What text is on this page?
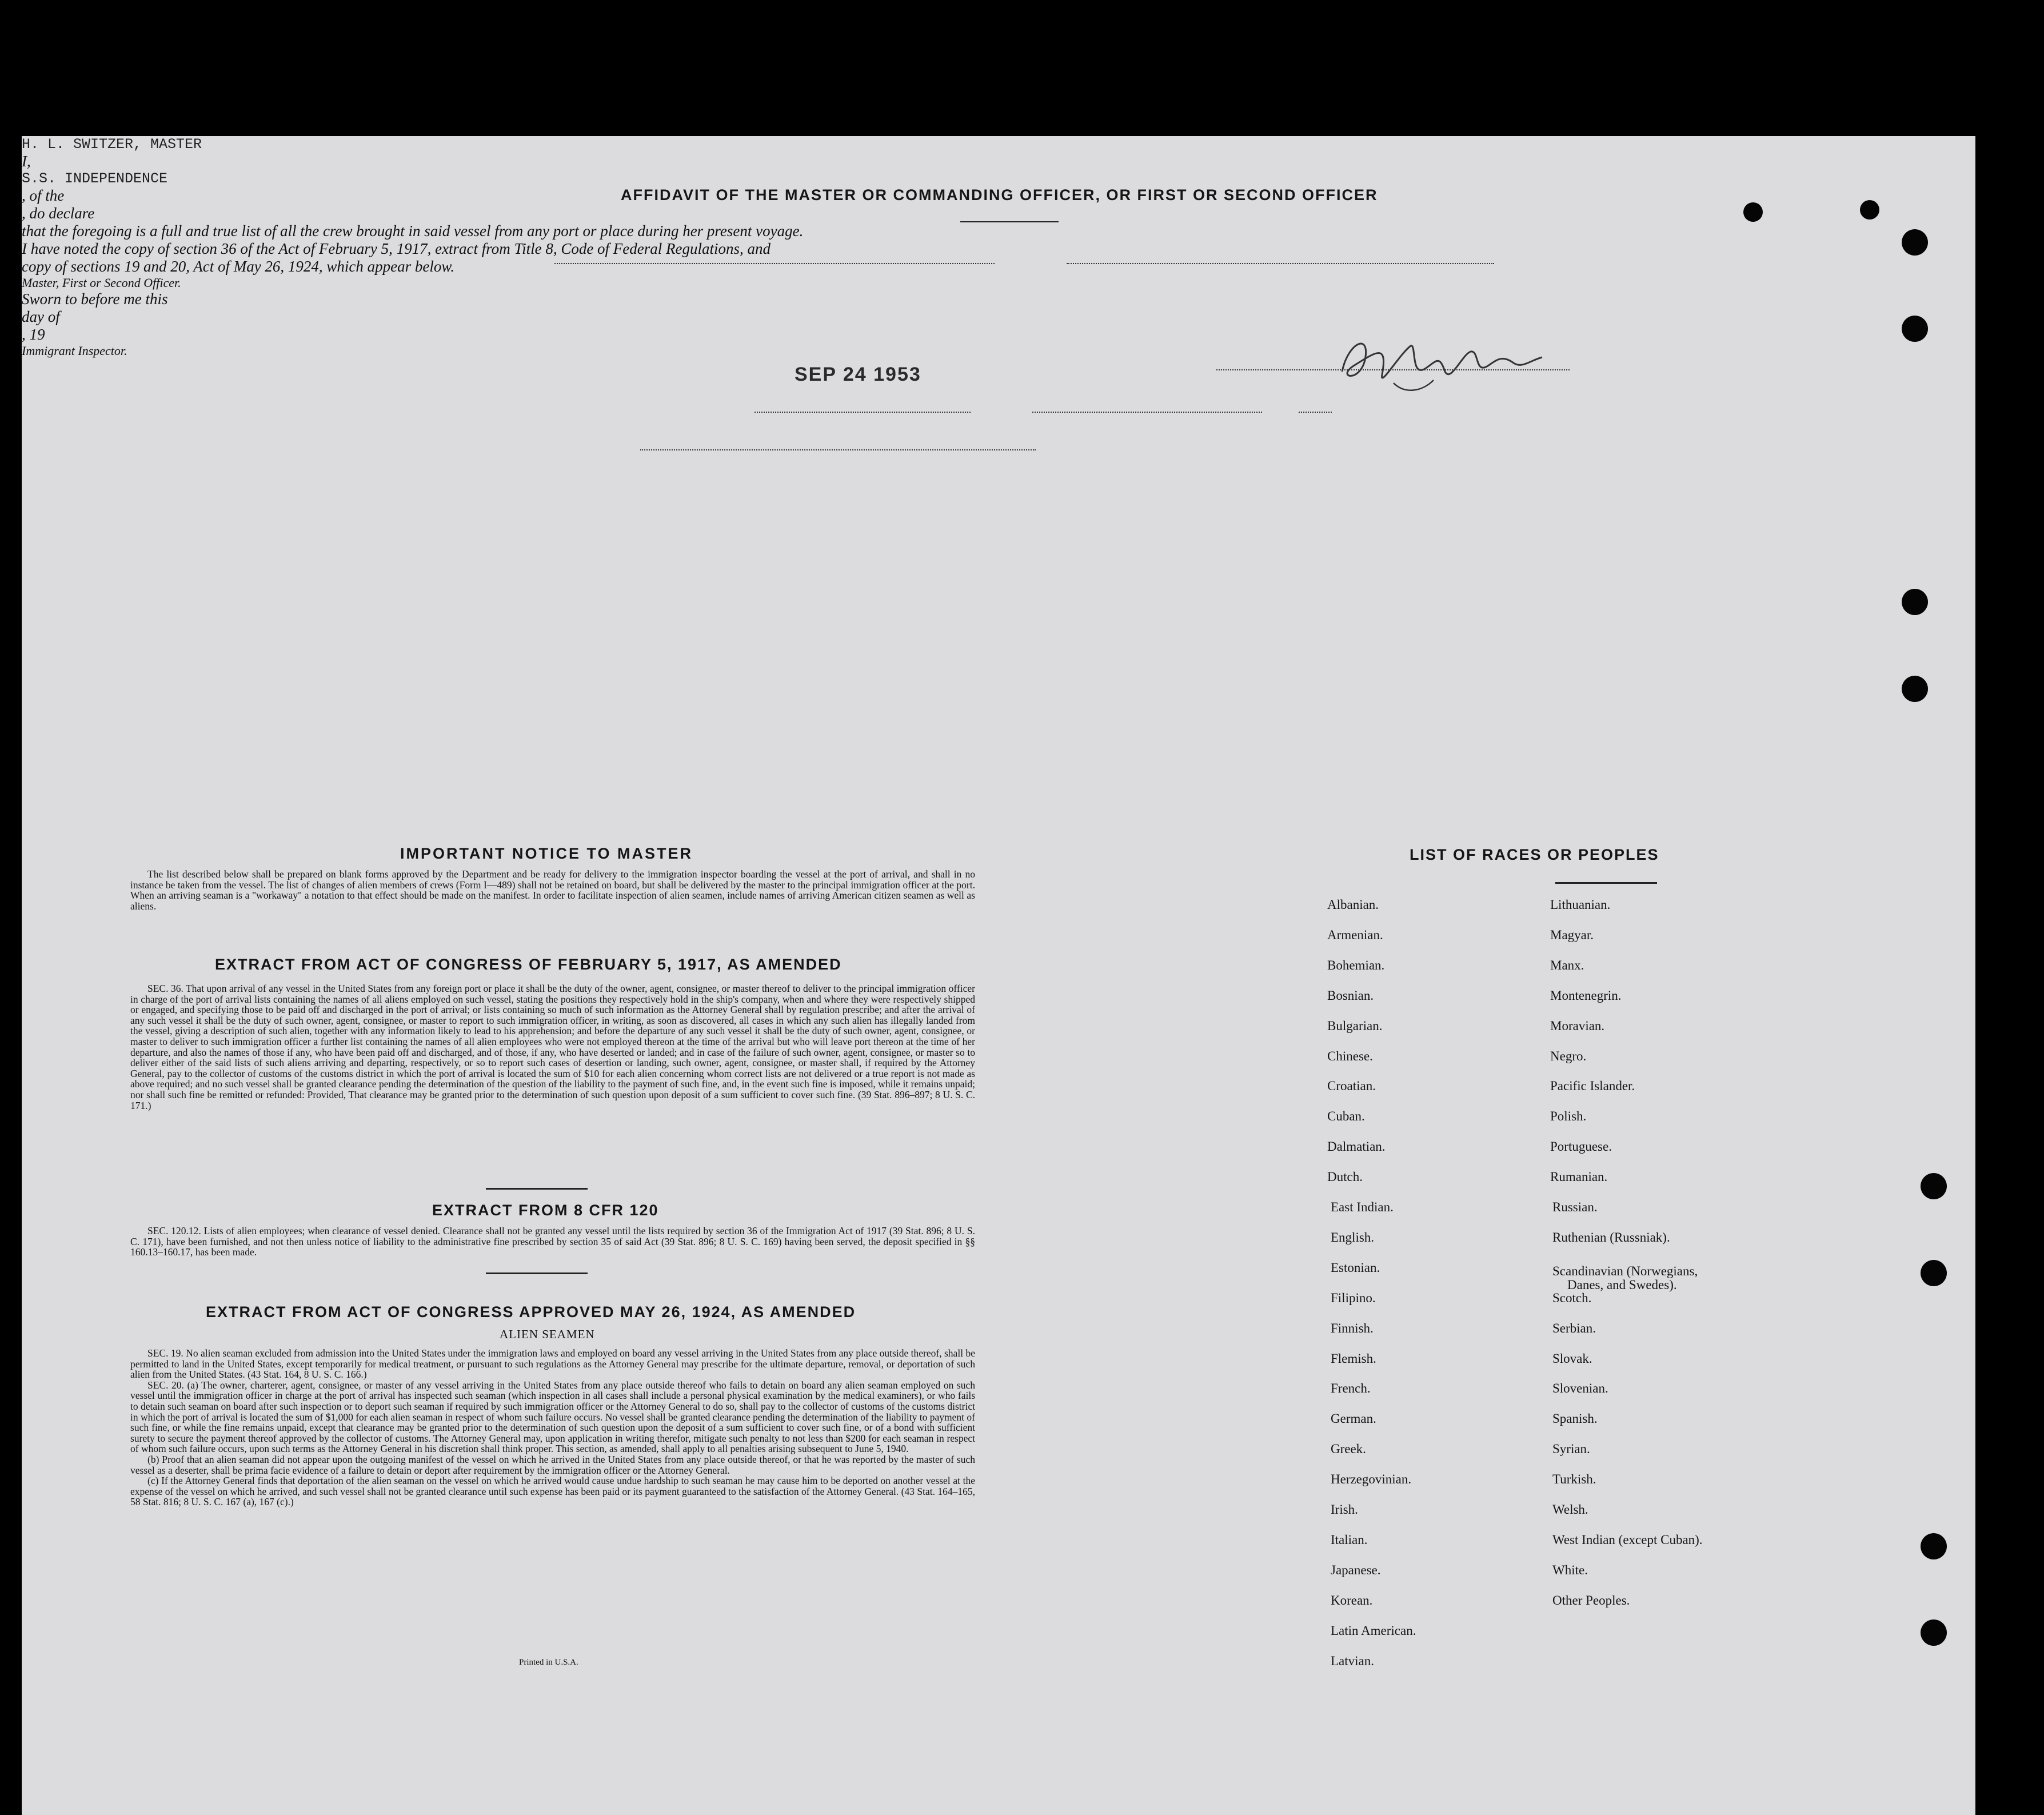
AFFIDAVIT OF THE MASTER OR COMMANDING OFFICER, OR FIRST OR SECOND OFFICER
H. L. SWITZER, MASTER
I,
S.S. INDEPENDENCE
, of the
, do declare
that the foregoing is a full and true list of all the crew brought in said vessel from any port or place during her present voyage.
I have noted the copy of section 36 of the Act of February 5, 1917, extract from Title 8, Code of Federal Regulations, and
copy of sections 19 and 20, Act of May 26, 1924, which appear below.
SEP 24 1953
Master, First or Second Officer.
Sworn to before me this
day of
, 19
Immigrant Inspector.
IMPORTANT NOTICE TO MASTER

The list described below shall be prepared on blank forms approved by the Department and be ready for delivery to the immigration inspector boarding the vessel at the port of arrival, and shall in no instance be taken from the vessel. The list of changes of alien members of crews (Form I—489) shall not be retained on board, but shall be delivered by the master to the principal immigration officer at the port. When an arriving seaman is a "workaway" a notation to that effect should be made on the manifest. In order to facilitate inspection of alien seamen, include names of arriving American citizen seamen as well as aliens.

EXTRACT FROM ACT OF CONGRESS OF FEBRUARY 5, 1917, AS AMENDED

SEC. 36. That upon arrival of any vessel in the United States from any foreign port or place it shall be the duty of the owner, agent, consignee, or master thereof to deliver to the principal immigration officer in charge of the port of arrival lists containing the names of all aliens employed on such vessel, stating the positions they respectively hold in the ship's company, when and where they were respectively shipped or engaged, and specifying those to be paid off and discharged in the port of arrival; or lists containing so much of such information as the Attorney General shall by regulation prescribe; and after the arrival of any such vessel it shall be the duty of such owner, agent, consignee, or master to report to such immigration officer, in writing, as soon as discovered, all cases in which any such alien has illegally landed from the vessel, giving a description of such alien, together with any information likely to lead to his apprehension; and before the departure of any such vessel it shall be the duty of such owner, agent, consignee, or master to deliver to such immigration officer a further list containing the names of all alien employees who were not employed thereon at the time of the arrival but who will leave port thereon at the time of her departure, and also the names of those if any, who have been paid off and discharged, and of those, if any, who have deserted or landed; and in case of the failure of such owner, agent, consignee, or master so to deliver either of the said lists of such aliens arriving and departing, respectively, or so to report such cases of desertion or landing, such owner, agent, consignee, or master shall, if required by the Attorney General, pay to the collector of customs of the customs district in which the port of arrival is located the sum of $10 for each alien concerning whom correct lists are not delivered or a true report is not made as above required; and no such vessel shall be granted clearance pending the determination of the question of the liability to the payment of such fine, and, in the event such fine is imposed, while it remains unpaid; nor shall such fine be remitted or refunded: Provided, That clearance may be granted prior to the determination of such question upon deposit of a sum sufficient to cover such fine. (39 Stat. 896–897; 8 U. S. C. 171.)

EXTRACT FROM 8 CFR 120

SEC. 120.12. Lists of alien employees; when clearance of vessel denied. Clearance shall not be granted any vessel until the lists required by section 36 of the Immigration Act of 1917 (39 Stat. 896; 8 U. S. C. 171), have been furnished, and not then unless notice of liability to the administrative fine prescribed by section 35 of said Act (39 Stat. 896; 8 U. S. C. 169) having been served, the deposit specified in §§ 160.13–160.17, has been made.

EXTRACT FROM ACT OF CONGRESS APPROVED MAY 26, 1924, AS AMENDED
ALIEN SEAMEN

SEC. 19. No alien seaman excluded from admission into the United States under the immigration laws and employed on board any vessel arriving in the United States from any place outside thereof, shall be permitted to land in the United States, except temporarily for medical treatment, or pursuant to such regulations as the Attorney General may prescribe for the ultimate departure, removal, or deportation of such alien from the United States. (43 Stat. 164, 8 U. S. C. 166.)

SEC. 20. (a) The owner, charterer, agent, consignee, or master of any vessel arriving in the United States from any place outside thereof who fails to detain on board any alien seaman employed on such vessel until the immigration officer in charge at the port of arrival has inspected such seaman (which inspection in all cases shall include a personal physical examination by the medical examiners), or who fails to detain such seaman on board after such inspection or to deport such seaman if required by such immigration officer or the Attorney General to do so, shall pay to the collector of customs of the customs district in which the port of arrival is located the sum of $1,000 for each alien seaman in respect of whom such failure occurs. No vessel shall be granted clearance pending the determination of the liability to payment of such fine, or while the fine remains unpaid, except that clearance may be granted prior to the determination of such question upon the deposit of a sum sufficient to cover such fine, or of a bond with sufficient surety to secure the payment thereof approved by the collector of customs. The Attorney General may, upon application in writing therefor, mitigate such penalty to not less than $200 for each seaman in respect of whom such failure occurs, upon such terms as the Attorney General in his discretion shall think proper. This section, as amended, shall apply to all penalties arising subsequent to June 5, 1940.

(b) Proof that an alien seaman did not appear upon the outgoing manifest of the vessel on which he arrived in the United States from any place outside thereof, or that he was reported by the master of such vessel as a deserter, shall be prima facie evidence of a failure to detain or deport after requirement by the immigration officer or the Attorney General.

(c) If the Attorney General finds that deportation of the alien seaman on the vessel on which he arrived would cause undue hardship to such seaman he may cause him to be deported on another vessel at the expense of the vessel on which he arrived, and such vessel shall not be granted clearance until such expense has been paid or its payment guaranteed to the satisfaction of the Attorney General. (43 Stat. 164–165, 58 Stat. 816; 8 U. S. C. 167 (a), 167 (c).)

Printed in U.S.A.
LIST OF RACES OR PEOPLES
Albanian.
Armenian.
Bohemian.
Bosnian.
Bulgarian.
Chinese.
Croatian.
Cuban.
Dalmatian.
Dutch.
East Indian.
English.
Estonian.
Filipino.
Finnish.
Flemish.
French.
German.
Greek.
Herzegovinian.
Irish.
Italian.
Japanese.
Korean.
Latin American.
Latvian.
Lithuanian.
Magyar.
Manx.
Montenegrin.
Moravian.
Negro.
Pacific Islander.
Polish.
Portuguese.
Rumanian.
Russian.
Ruthenian (Russniak).
Scandinavian (Norwegians,
Danes, and Swedes).
Scotch.
Serbian.
Slovak.
Slovenian.
Spanish.
Syrian.
Turkish.
Welsh.
West Indian (except Cuban).
White.
Other Peoples.
